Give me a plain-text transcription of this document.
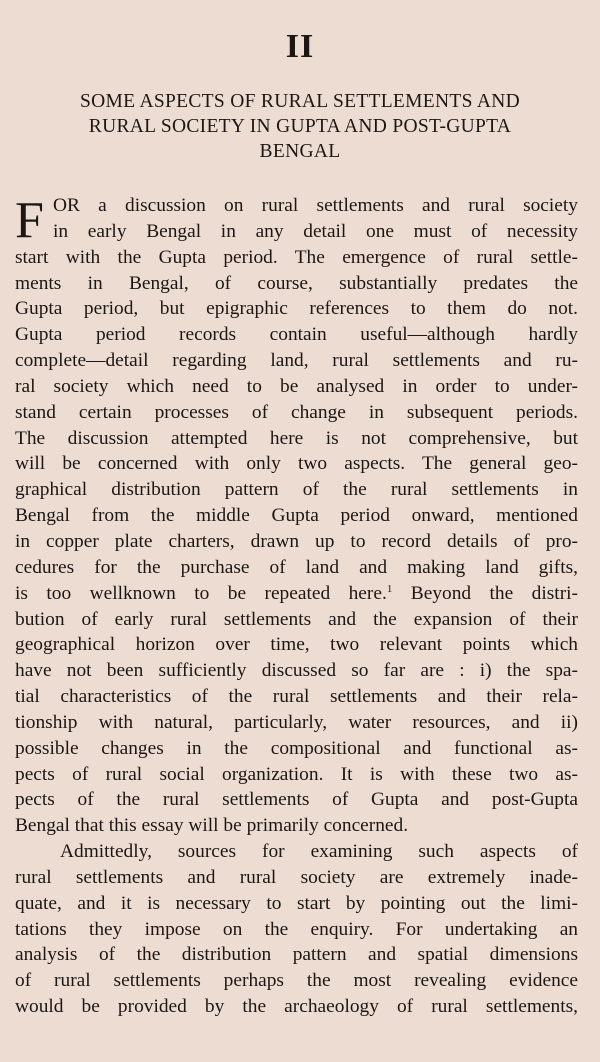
II
SOME ASPECTS OF RURAL SETTLEMENTS AND
RURAL SOCIETY IN GUPTA AND POST-GUPTA
BENGAL
F OR a discussion on rural settlements and rural society
in early Bengal in any detail one must of necessity
start with the Gupta period. The emergence of rural settle-
ments in Bengal, of course, substantially predates the
Gupta period, but epigraphic references to them do not.
Gupta period records contain useful—although hardly
complete—detail regarding land, rural settlements and ru-
ral society which need to be analysed in order to under-
stand certain processes of change in subsequent periods.
The discussion attempted here is not comprehensive, but
will be concerned with only two aspects. The general geo-
graphical distribution pattern of the rural settlements in
Bengal from the middle Gupta period onward, mentioned
in copper plate charters, drawn up to record details of pro-
cedures for the purchase of land and making land gifts,
is too wellknown to be repeated here.$^1$ Beyond the distri-
bution of early rural settlements and the expansion of their
geographical horizon over time, two relevant points which
have not been sufficiently discussed so far are : i) the spa-
tial characteristics of the rural settlements and their rela-
tionship with natural, particularly, water resources, and ii)
possible changes in the compositional and functional as-
pects of rural social organization. It is with these two as-
pects of the rural settlements of Gupta and post-Gupta
Bengal that this essay will be primarily concerned.
Admittedly, sources for examining such aspects of
rural settlements and rural society are extremely inade-
quate, and it is necessary to start by pointing out the limi-
tations they impose on the enquiry. For undertaking an
analysis of the distribution pattern and spatial dimensions
of rural settlements perhaps the most revealing evidence
would be provided by the archaeology of rural settlements,
